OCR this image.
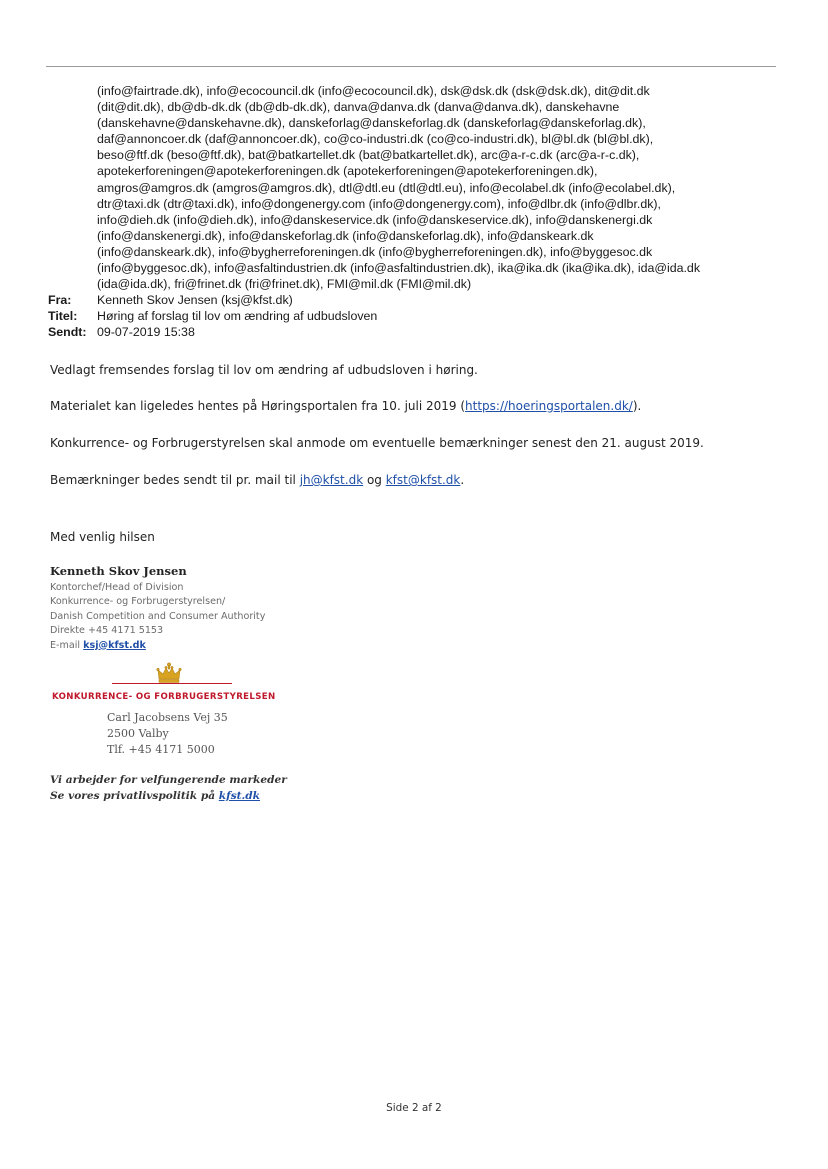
(info@fairtrade.dk), info@ecocouncil.dk (info@ecocouncil.dk), dsk@dsk.dk (dsk@dsk.dk), dit@dit.dk
(dit@dit.dk), db@db-dk.dk (db@db-dk.dk), danva@danva.dk (danva@danva.dk), danskehavne
(danskehavne@danskehavne.dk), danskeforlag@danskeforlag.dk (danskeforlag@danskeforlag.dk),
daf@annoncoer.dk (daf@annoncoer.dk), co@co-industri.dk (co@co-industri.dk), bl@bl.dk (bl@bl.dk),
beso@ftf.dk (beso@ftf.dk), bat@batkartellet.dk (bat@batkartellet.dk), arc@a-r-c.dk (arc@a-r-c.dk),
apotekerforeningen@apotekerforeningen.dk (apotekerforeningen@apotekerforeningen.dk),
amgros@amgros.dk (amgros@amgros.dk), dtl@dtl.eu (dtl@dtl.eu), info@ecolabel.dk (info@ecolabel.dk),
dtr@taxi.dk (dtr@taxi.dk), info@dongenergy.com (info@dongenergy.com), info@dlbr.dk (info@dlbr.dk),
info@dieh.dk (info@dieh.dk), info@danskeservice.dk (info@danskeservice.dk), info@danskenergi.dk
(info@danskenergi.dk), info@danskeforlag.dk (info@danskeforlag.dk), info@danskeark.dk
(info@danskeark.dk), info@bygherreforeningen.dk (info@bygherreforeningen.dk), info@byggesoc.dk
(info@byggesoc.dk), info@asfaltindustrien.dk (info@asfaltindustrien.dk), ika@ika.dk (ika@ika.dk), ida@ida.dk
(ida@ida.dk), fri@frinet.dk (fri@frinet.dk), FMI@mil.dk (FMI@mil.dk)
Fra: Kenneth Skov Jensen (ksj@kfst.dk)
Titel: Høring af forslag til lov om ændring af udbudsloven
Sendt: 09-07-2019 15:38
Vedlagt fremsendes forslag til lov om ændring af udbudsloven i høring.
Materialet kan ligeledes hentes på Høringsportalen fra 10. juli 2019 (https://hoeringsportalen.dk/).
Konkurrence- og Forbrugerstyrelsen skal anmode om eventuelle bemærkninger senest den 21. august 2019.
Bemærkninger bedes sendt til pr. mail til jh@kfst.dk og kfst@kfst.dk.
Med venlig hilsen
Kenneth Skov Jensen
Kontorchef/Head of Division
Konkurrence- og Forbrugerstyrelsen/
Danish Competition and Consumer Authority
Direkte +45 4171 5153
E-mail ksj@kfst.dk
KONKURRENCE- OG FORBRUGERSTYRELSEN
Carl Jacobsens Vej 35
2500 Valby
Tlf. +45 4171 5000
Vi arbejder for velfungerende markeder
Se vores privatlivspolitik på kfst.dk
Side 2 af 2
